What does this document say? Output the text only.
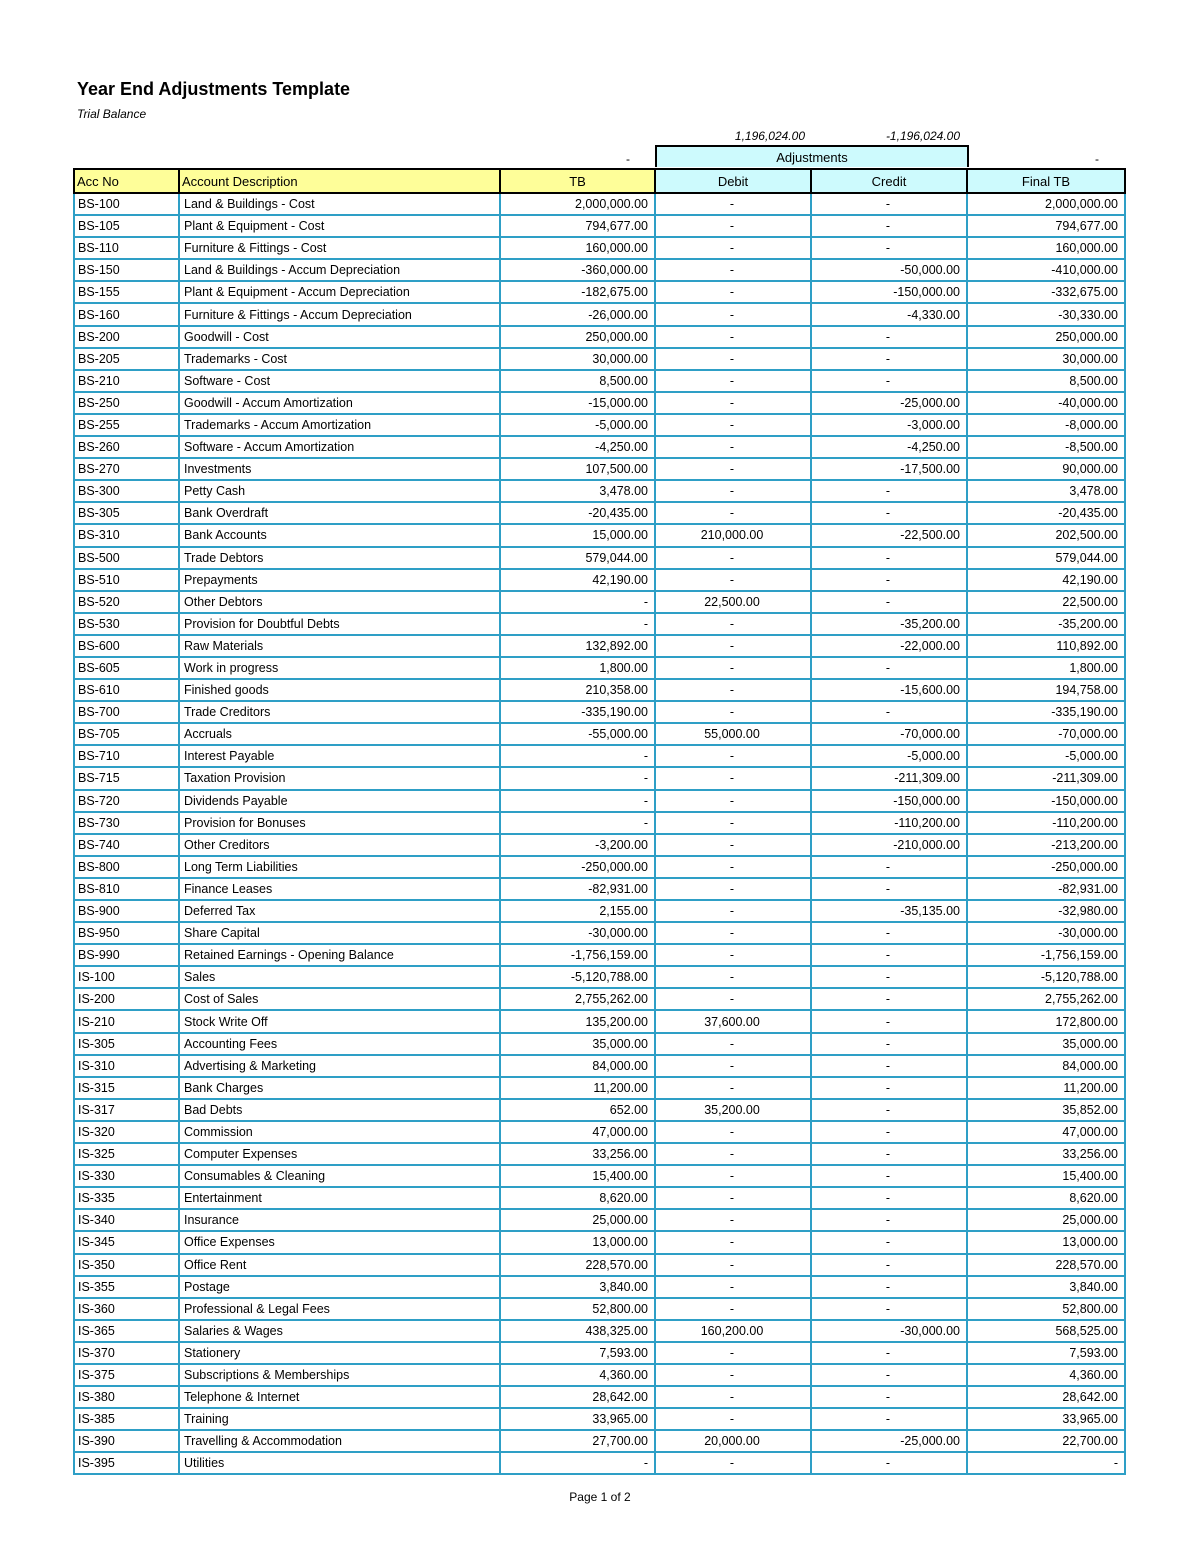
Year End Adjustments Template
Trial Balance
1,196,024.00	-1,196,024.00
-	-
Adjustments
Acc No	Account Description	TB	Debit	Credit	Final TB
BS-100	Land & Buildings - Cost	2,000,000.00	-	-	2,000,000.00
BS-105	Plant & Equipment - Cost	794,677.00	-	-	794,677.00
BS-110	Furniture & Fittings - Cost	160,000.00	-	-	160,000.00
BS-150	Land & Buildings - Accum Depreciation	-360,000.00	-	-50,000.00	-410,000.00
BS-155	Plant & Equipment - Accum Depreciation	-182,675.00	-	-150,000.00	-332,675.00
BS-160	Furniture & Fittings - Accum Depreciation	-26,000.00	-	-4,330.00	-30,330.00
BS-200	Goodwill - Cost	250,000.00	-	-	250,000.00
BS-205	Trademarks - Cost	30,000.00	-	-	30,000.00
BS-210	Software - Cost	8,500.00	-	-	8,500.00
BS-250	Goodwill - Accum Amortization	-15,000.00	-	-25,000.00	-40,000.00
BS-255	Trademarks - Accum Amortization	-5,000.00	-	-3,000.00	-8,000.00
BS-260	Software - Accum Amortization	-4,250.00	-	-4,250.00	-8,500.00
BS-270	Investments	107,500.00	-	-17,500.00	90,000.00
BS-300	Petty Cash	3,478.00	-	-	3,478.00
BS-305	Bank Overdraft	-20,435.00	-	-	-20,435.00
BS-310	Bank Accounts	15,000.00	210,000.00	-22,500.00	202,500.00
BS-500	Trade Debtors	579,044.00	-	-	579,044.00
BS-510	Prepayments	42,190.00	-	-	42,190.00
BS-520	Other Debtors	-	22,500.00	-	22,500.00
BS-530	Provision for Doubtful Debts	-	-	-35,200.00	-35,200.00
BS-600	Raw Materials	132,892.00	-	-22,000.00	110,892.00
BS-605	Work in progress	1,800.00	-	-	1,800.00
BS-610	Finished goods	210,358.00	-	-15,600.00	194,758.00
BS-700	Trade Creditors	-335,190.00	-	-	-335,190.00
BS-705	Accruals	-55,000.00	55,000.00	-70,000.00	-70,000.00
BS-710	Interest Payable	-	-	-5,000.00	-5,000.00
BS-715	Taxation Provision	-	-	-211,309.00	-211,309.00
BS-720	Dividends Payable	-	-	-150,000.00	-150,000.00
BS-730	Provision for Bonuses	-	-	-110,200.00	-110,200.00
BS-740	Other Creditors	-3,200.00	-	-210,000.00	-213,200.00
BS-800	Long Term Liabilities	-250,000.00	-	-	-250,000.00
BS-810	Finance Leases	-82,931.00	-	-	-82,931.00
BS-900	Deferred Tax	2,155.00	-	-35,135.00	-32,980.00
BS-950	Share Capital	-30,000.00	-	-	-30,000.00
BS-990	Retained Earnings - Opening Balance	-1,756,159.00	-	-	-1,756,159.00
IS-100	Sales	-5,120,788.00	-	-	-5,120,788.00
IS-200	Cost of Sales	2,755,262.00	-	-	2,755,262.00
IS-210	Stock Write Off	135,200.00	37,600.00	-	172,800.00
IS-305	Accounting Fees	35,000.00	-	-	35,000.00
IS-310	Advertising & Marketing	84,000.00	-	-	84,000.00
IS-315	Bank Charges	11,200.00	-	-	11,200.00
IS-317	Bad Debts	652.00	35,200.00	-	35,852.00
IS-320	Commission	47,000.00	-	-	47,000.00
IS-325	Computer Expenses	33,256.00	-	-	33,256.00
IS-330	Consumables & Cleaning	15,400.00	-	-	15,400.00
IS-335	Entertainment	8,620.00	-	-	8,620.00
IS-340	Insurance	25,000.00	-	-	25,000.00
IS-345	Office Expenses	13,000.00	-	-	13,000.00
IS-350	Office Rent	228,570.00	-	-	228,570.00
IS-355	Postage	3,840.00	-	-	3,840.00
IS-360	Professional & Legal Fees	52,800.00	-	-	52,800.00
IS-365	Salaries & Wages	438,325.00	160,200.00	-30,000.00	568,525.00
IS-370	Stationery	7,593.00	-	-	7,593.00
IS-375	Subscriptions & Memberships	4,360.00	-	-	4,360.00
IS-380	Telephone & Internet	28,642.00	-	-	28,642.00
IS-385	Training	33,965.00	-	-	33,965.00
IS-390	Travelling & Accommodation	27,700.00	20,000.00	-25,000.00	22,700.00
IS-395	Utilities	-	-	-	-
Page 1 of 2
